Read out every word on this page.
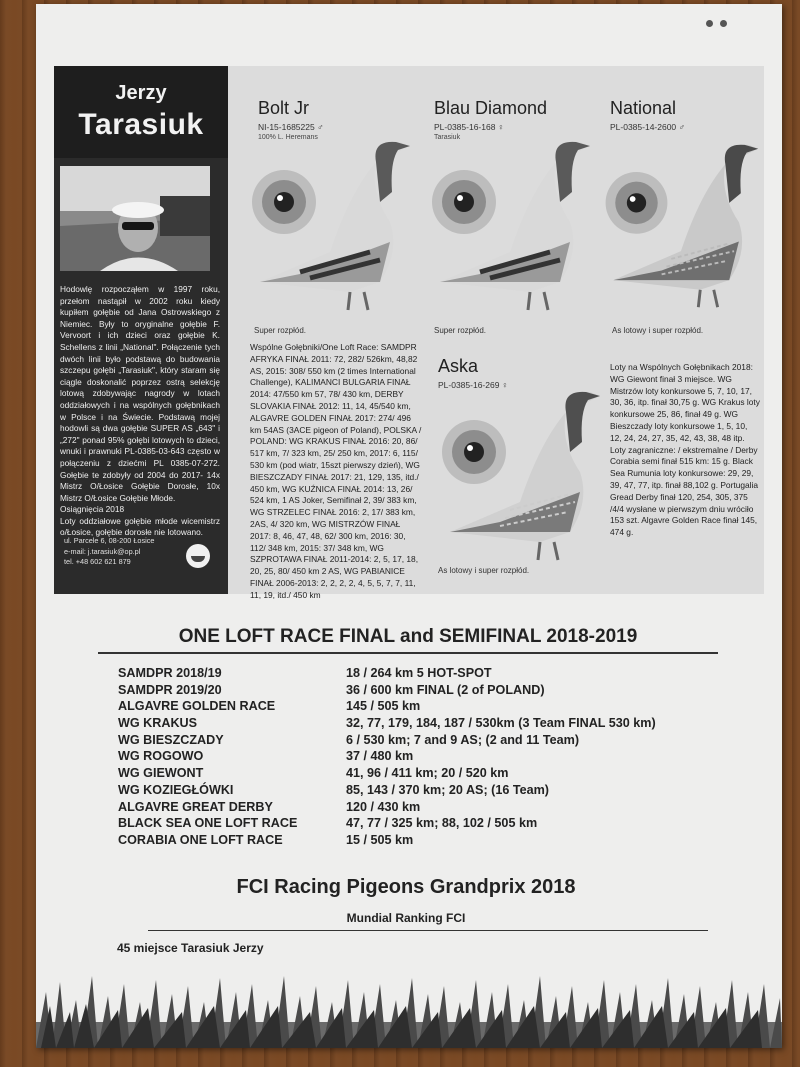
Jerzy
Tarasiuk
Hodowlę rozpocząłem w 1997 roku, przełom nastąpił w 2002 roku kiedy kupiłem gołębie od Jana Ostrowskiego z Niemiec. Były to oryginalne gołębie F. Vervoort i ich dzieci oraz gołębie K. Schellens z linii „National". Połączenie tych dwóch linii było podstawą do budowania szczepu gołębi „Tarasiuk", który staram się ciągle doskonalić poprzez ostrą selekcję lotową zdobywając nagrody w lotach oddziałowych i na wspólnych gołębnikach w Polsce i na Świecie. Podstawą mojej hodowli są dwa gołębie SUPER AS „643" i „272" ponad 95% gołębi lotowych to dzieci, wnuki i prawnuki PL-0385-03-643 często w połączeniu z dziećmi PL 0385-07-272. Gołębie te zdobyły od 2004 do 2017- 14x Mistrz O/Łosice Gołębie Dorosłe, 10x Mistrz O/Łosice Gołębie Młode.
Osiągnięcia 2018
Loty oddziałowe gołębie młode wicemistrz o/Łosice, gołębie dorosłe nie lotowano.
ul. Parcele 6, 08-200 Łosice
e-mail: j.tarasiuk@op.pl
tel. +48 602 621 879
Bolt Jr
NI-15-1685225 ♂
100% L. Heremans
Super rozpłód.
Blau Diamond
PL-0385-16-168 ♀
Tarasiuk
Super rozpłód.
National
PL-0385-14-2600 ♂
As lotowy i super rozpłód.
Wspólne Gołębniki/One Loft Race: SAMDPR AFRYKA FINAŁ 2011: 72, 282/ 526km, 48,82 AS, 2015: 308/ 550 km (2 times International Challenge), KALIMANCI BULGARIA FINAŁ 2014: 47/550 km 57, 78/ 430 km, DERBY SLOVAKIA FINAŁ 2012: 11, 14, 45/540 km, ALGAVRE GOLDEN FINAŁ 2017: 274/ 496 km 54AS (3ACE pigeon of Poland), POLSKA / POLAND: WG KRAKUS FINAŁ 2016: 20, 86/ 517 km, 7/ 323 km, 25/ 250 km, 2017: 6, 115/ 530 km (pod wiatr, 15szt pierwszy dzień), WG BIESZCZADY FINAŁ 2017: 21, 129, 135, itd./ 450 km, WG KUŹNICA FINAŁ 2014: 13, 26/ 524 km, 1 AS Joker, Semifinał 2, 39/ 383 km, WG STRZELEC FINAŁ 2016: 2, 17/ 383 km, 2AS, 4/ 320 km, WG MISTRZÓW FINAŁ 2017: 8, 46, 47, 48, 62/ 300 km, 2016: 30, 112/ 348 km, 2015: 37/ 348 km, WG SZPROTAWA FINAŁ 2011-2014: 2, 5, 17, 18, 20, 25, 80/ 450 km 2 AS, WG PABIANICE FINAŁ 2006-2013: 2, 2, 2, 2, 4, 5, 5, 7, 7, 11, 11, 19, itd./ 450 km
Aska
PL-0385-16-269 ♀
As lotowy i super rozpłód.
Loty na Wspólnych Gołębnikach 2018: WG Giewont finał 3 miejsce. WG Mistrzów loty konkursowe 5, 7, 10, 17, 30, 36, itp. finał 30,75 g. WG Krakus loty konkursowe 25, 86, finał 49 g. WG Bieszczady loty konkursowe 1, 5, 10, 12, 24, 24, 27, 35, 42, 43, 38, 48 itp. Loty zagraniczne: / ekstremalne / Derby Corabia semi finał 515 km: 15 g. Black Sea Rumunia loty konkursowe: 29, 29, 39, 47, 77, itp. finał 88,102 g. Portugalia Gread Derby finał 120, 254, 305, 375 /4/4 wysłane w pierwszym dniu wróciło 153 szt. Algavre Golden Race finał 145, 474 g.
ONE LOFT RACE FINAL and SEMIFINAL 2018-2019
SAMDPR 2018/19	18 / 264 km 5 HOT-SPOT
SAMDPR 2019/20	36 / 600 km FINAL (2 of POLAND)
ALGAVRE GOLDEN RACE	145 / 505 km
WG KRAKUS	32, 77, 179, 184, 187 / 530km (3 Team FINAL 530 km)
WG BIESZCZADY	6 / 530 km; 7 and 9 AS; (2 and 11 Team)
WG ROGOWO	37 / 480 km
WG GIEWONT	41, 96 / 411 km; 20 / 520 km
WG KOZIEGŁÓWKI	85, 143 / 370 km; 20 AS; (16 Team)
ALGAVRE GREAT DERBY	120 / 430 km
BLACK SEA ONE LOFT RACE	47, 77 / 325 km; 88, 102 / 505 km
CORABIA ONE LOFT RACE	15 / 505 km
FCI Racing Pigeons Grandprix 2018
Mundial Ranking FCI
45 miejsce Tarasiuk Jerzy
